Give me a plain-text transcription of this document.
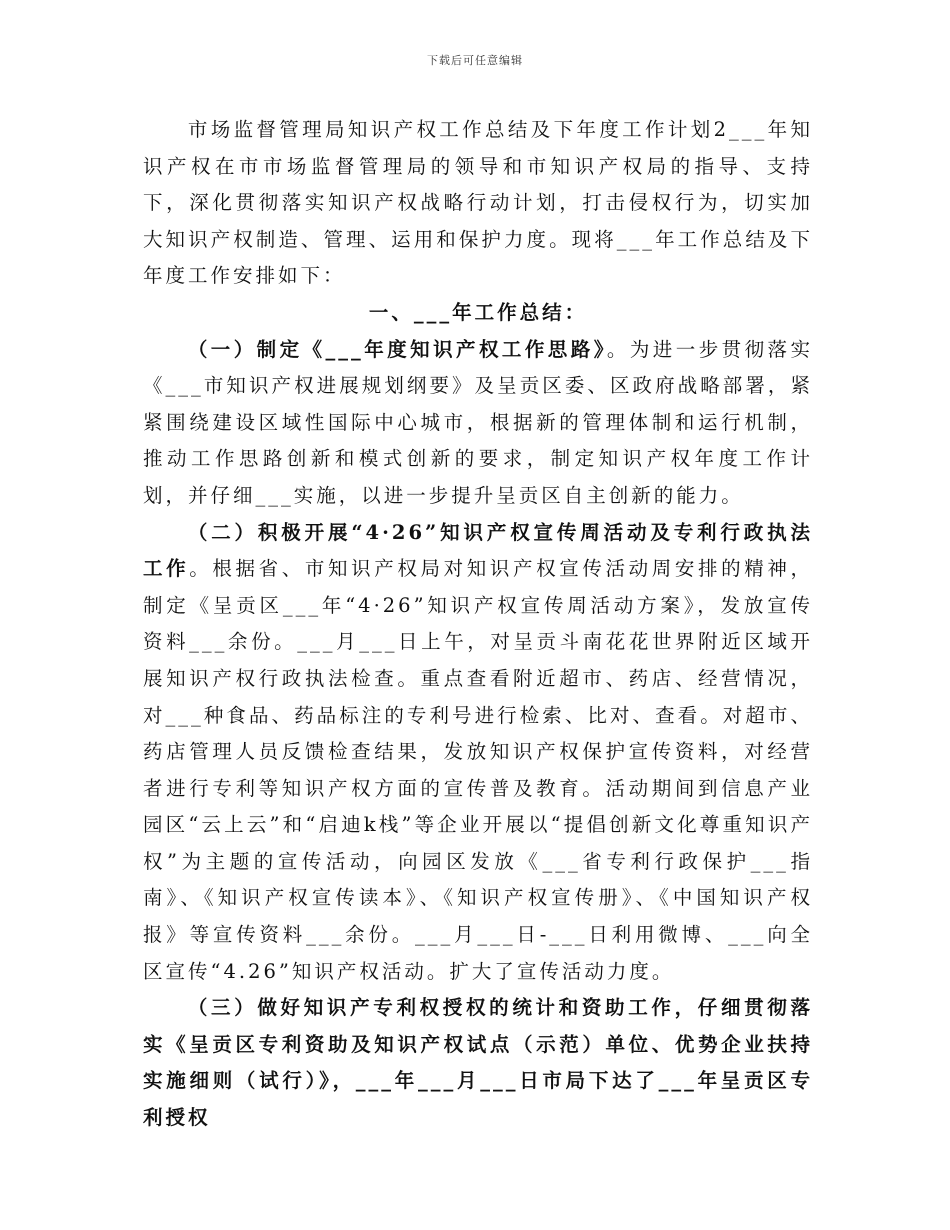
下载后可任意编辑

市场监督管理局知识产权工作总结及下年度工作计划2___年知识产权在市市场监督管理局的领导和市知识产权局的指导、支持下，深化贯彻落实知识产权战略行动计划，打击侵权行为，切实加大知识产权制造、管理、运用和保护力度。现将___年工作总结及下年度工作安排如下：

一、___年工作总结：

（一）制定《___年度知识产权工作思路》。为进一步贯彻落实《___市知识产权进展规划纲要》及呈贡区委、区政府战略部署，紧紧围绕建设区域性国际中心城市，根据新的管理体制和运行机制，推动工作思路创新和模式创新的要求，制定知识产权年度工作计划，并仔细___实施，以进一步提升呈贡区自主创新的能力。

（二）积极开展“4·26”知识产权宣传周活动及专利行政执法工作。根据省、市知识产权局对知识产权宣传活动周安排的精神，制定《呈贡区___年“4·26”知识产权宣传周活动方案》，发放宣传资料___余份。___月___日上午，对呈贡斗南花花世界附近区域开展知识产权行政执法检查。重点查看附近超市、药店、经营情况，对___种食品、药品标注的专利号进行检索、比对、查看。对超市、药店管理人员反馈检查结果，发放知识产权保护宣传资料，对经营者进行专利等知识产权方面的宣传普及教育。活动期间到信息产业园区“云上云”和“启迪k栈”等企业开展以“提倡创新文化尊重知识产权”为主题的宣传活动，向园区发放《___省专利行政保护___指南》、《知识产权宣传读本》、《知识产权宣传册》、《中国知识产权报》等宣传资料___余份。___月___日-___日利用微博、___向全区宣传“4.26”知识产权活动。扩大了宣传活动力度。

（三）做好知识产专利权授权的统计和资助工作，仔细贯彻落实《呈贡区专利资助及知识产权试点（示范）单位、优势企业扶持实施细则（试行）》，___年___月___日市局下达了___年呈贡区专利授权
